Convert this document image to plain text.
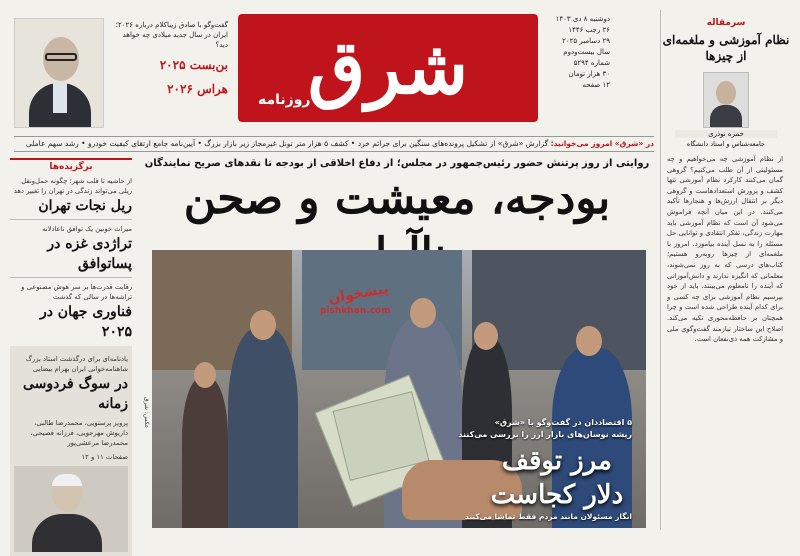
گفت‌وگو با صادق زیباکلام درباره ۲۰۲۶؛ ایران در سال جدید میلادی چه خواهد دید؟
بن‌بست ۲۰۲۵
هراس ۲۰۲۶ شرق
روزنامه
دوشنبه ۸ دی ۱۴۰۳
۲۶ رجب ۱۴۴۶
۲۹ دسامبر ۲۰۲۵
سال بیست‌ودوم
شماره ۵۲۹۴
۳۰ هزار تومان
۱۲ صفحه
در «شرق» امروز می‌خوانید: گزارش «شرق» از تشکیل پرونده‌های سنگین برای جرائم خرد • کشف ۵ هزار متر تونل غیرمجاز زیر بازار بزرگ • آیین‌نامه جامع ارتقای کیفیت خودرو • رشد سهم عاملی
سرمقاله
نظام آموزشی و ملغمه‌ای از چیزها
حمزه نوذری
جامعه‌شناس و استاد دانشگاه
از نظام آموزشی چه می‌خواهیم و چه مسئولیتی از آن طلب می‌کنیم؟ گروهی گمان می‌کنند کارکرد نظام آموزشی تنها کشف و پرورش استعدادهاست و گروهی دیگر بر انتقال ارزش‌ها و هنجارها تأکید می‌کنند. در این میان آنچه فراموش می‌شود آن است که نظام آموزشی باید مهارت زندگی، تفکر انتقادی و توانایی حل مسئله را به نسل آینده بیاموزد. امروز با ملغمه‌ای از چیزها روبه‌رو هستیم؛ کتاب‌های درسی که به روز نمی‌شوند، معلمانی که انگیزه ندارند و دانش‌آموزانی که آینده را نامعلوم می‌بینند. باید از خود بپرسیم نظام آموزشی برای چه کسی و برای کدام آینده طراحی شده است و چرا همچنان بر حافظه‌محوری تکیه می‌کند. اصلاح این ساختار نیازمند گفت‌وگوی ملی و مشارکت همه ذی‌نفعان است.
برگزیده‌ها
از حاشیه تا قلب شهر؛ چگونه حمل‌ونقل ریلی می‌تواند زندگی در تهران را تغییر دهد
ریل نجات تهران
میراث خونین یک توافق ناعادلانه
تراژدی غزه در پساتوافق
رقابت قدرت‌ها بر سر هوش مصنوعی و تراشه‌ها در سالی که گذشت
فناوری جهان در ۲۰۲۵
یادنامه‌ای برای درگذشت استاد بزرگ شاهنامه‌خوانی ایران بهرام بیضایی
در سوگ فردوسی زمانه
پرویز پرستویی، محمدرضا طالبی، داریوش مهرجویی، فرزانه فصیحی، محمدرضا مرعشی‌پور
صفحات ۱۱ و ۱۲
روایتی از روز پرتنش حضور رئیس‌جمهور در مجلس؛ از دفاع اخلاقی از بودجه تا نقدهای صریح نمایندگان
بودجه، معیشت و صحن
پیشخوان
pishkhan.com
۵ اقتصاددان در گفت‌وگو با «شرق»
ریشه نوسان‌های بازار ارز را بررسی می‌کنند
مرز توقف دلار کجاست
انگار مسئولان مانند مردم فقط تماشا می‌کنند
عکس: شرق
